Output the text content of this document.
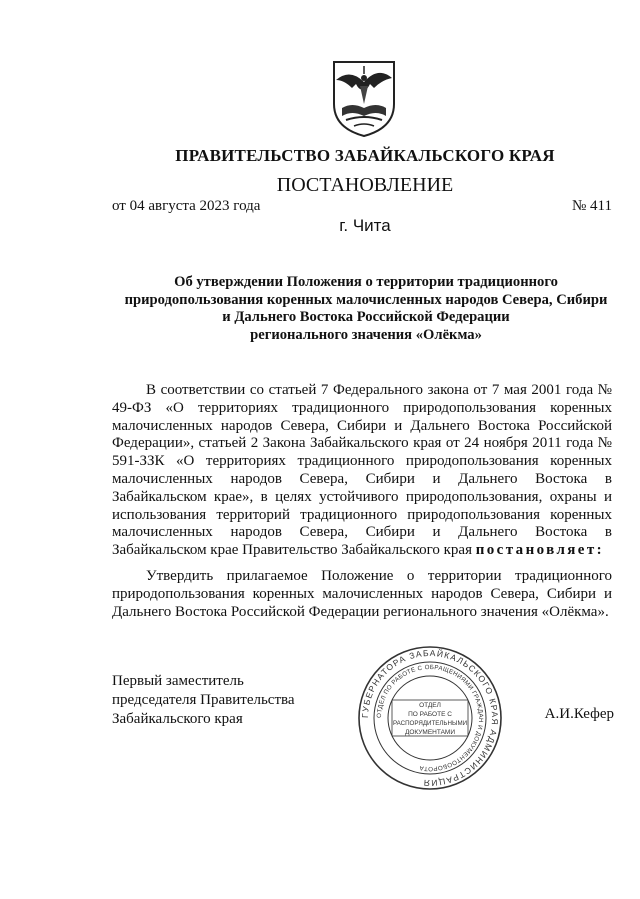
ПРАВИТЕЛЬСТВО ЗАБАЙКАЛЬСКОГО КРАЯ
ПОСТАНОВЛЕНИЕ
от 04 августа 2023 года	№ 411
г. Чита
Об утверждении Положения о территории традиционного
природопользования коренных малочисленных народов Севера, Сибири
и Дальнего Востока Российской Федерации
регионального значения «Олёкма»

В соответствии со статьей 7 Федерального закона от 7 мая 2001 года № 49-ФЗ «О территориях традиционного природопользования коренных малочисленных народов Севера, Сибири и Дальнего Востока Российской Федерации», статьей 2 Закона Забайкальского края от 24 ноября 2011 года № 591-ЗЗК «О территориях традиционного природопользования коренных малочисленных народов Севера, Сибири и Дальнего Востока в Забайкальском крае», в целях устойчивого природопользования, охраны и использования территорий традиционного природопользования коренных малочисленных народов Севера, Сибири и Дальнего Востока в Забайкальском крае Правительство Забайкальского края постановляет:

Утвердить прилагаемое Положение о территории традиционного природопользования коренных малочисленных народов Севера, Сибири и Дальнего Востока Российской Федерации регионального значения «Олёкма».

Первый заместитель
председателя Правительства
Забайкальского края	А.И.Кефер
ГУБЕРНАТОРА ЗАБАЙКАЛЬСКОГО КРАЯ АДМИНИСТРАЦИЯ
ОТДЕЛ ПО РАБОТЕ С ОБРАЩЕНИЯМИ ГРАЖДАН И ДОКУМЕНТООБОРОТА
ОТДЕЛ
ПО РАБОТЕ С
РАСПОРЯДИТЕЛЬНЫМИ
ДОКУМЕНТАМИ
